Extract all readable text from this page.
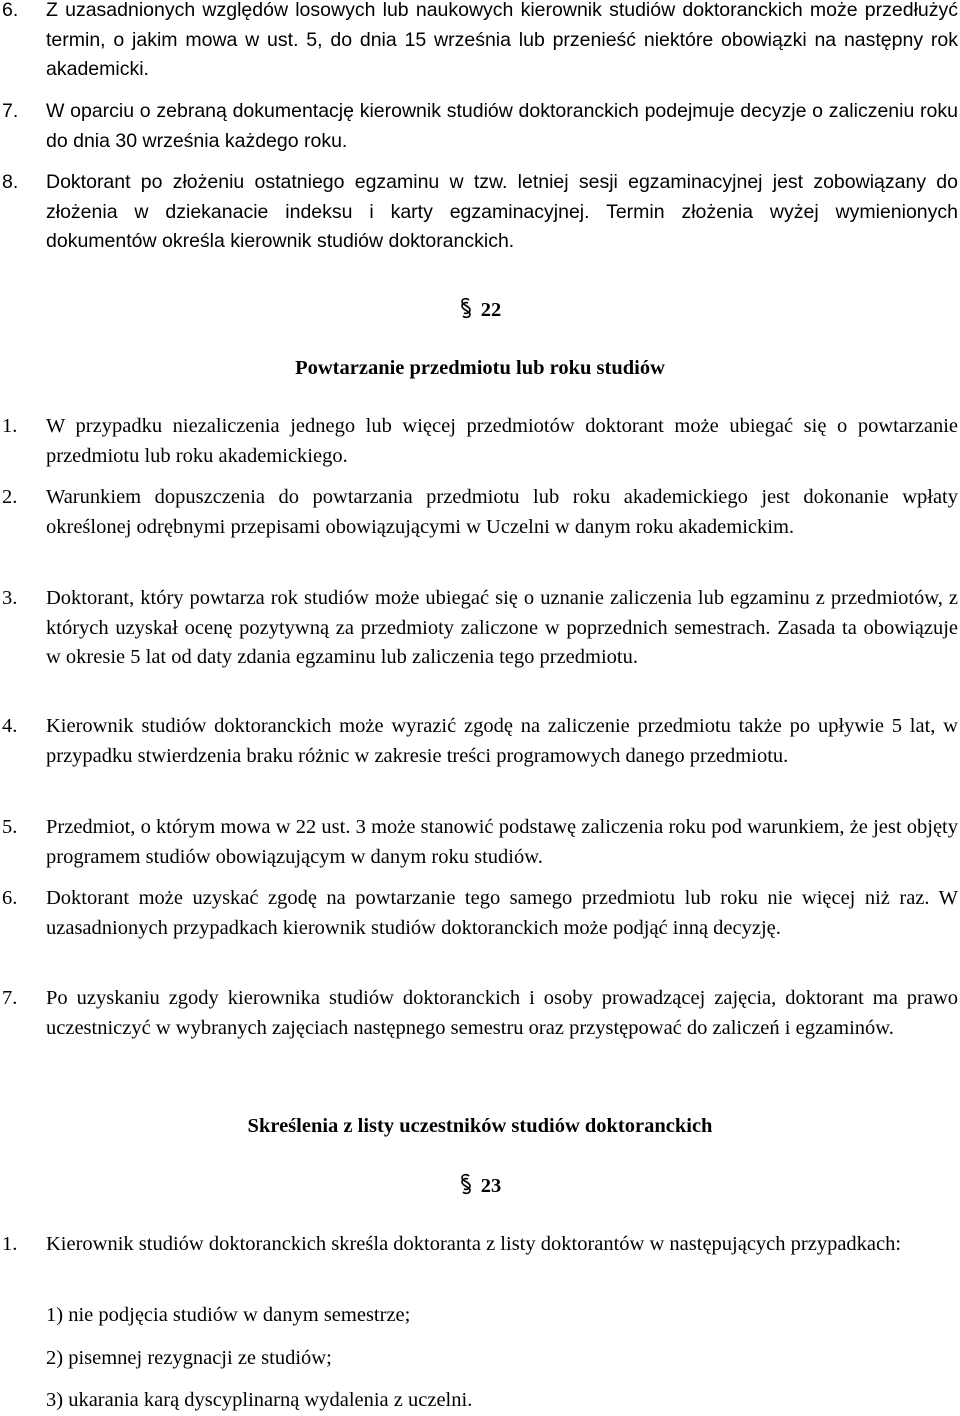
6. Z uzasadnionych względów losowych lub naukowych kierownik studiów doktoranckich może przedłużyć termin, o jakim mowa w ust. 5, do dnia 15 września lub przenieść niektóre obowiązki na następny rok akademicki.
7. W oparciu o zebraną dokumentację kierownik studiów doktoranckich podejmuje decyzje o zaliczeniu roku do dnia 30 września każdego roku.
8. Doktorant po złożeniu ostatniego egzaminu w tzw. letniej sesji egzaminacyjnej jest zobowiązany do złożenia w dziekanacie indeksu i karty egzaminacyjnej. Termin złożenia wyżej wymienionych dokumentów określa kierownik studiów doktoranckich.
22
Powtarzanie przedmiotu lub roku studiów
1. W przypadku niezaliczenia jednego lub więcej przedmiotów doktorant może ubiegać się o powtarzanie przedmiotu lub roku akademickiego.
2. Warunkiem dopuszczenia do powtarzania przedmiotu lub roku akademickiego jest dokonanie wpłaty określonej odrębnymi przepisami obowiązującymi w Uczelni w danym roku akademickim.
3. Doktorant, który powtarza rok studiów może ubiegać się o uznanie zaliczenia lub egzaminu z przedmiotów, z których uzyskał ocenę pozytywną za przedmioty zaliczone w poprzednich semestrach. Zasada ta obowiązuje w okresie 5 lat od daty zdania egzaminu lub zaliczenia tego przedmiotu.
4. Kierownik studiów doktoranckich może wyrazić zgodę na zaliczenie przedmiotu także po upływie 5 lat, w przypadku stwierdzenia braku różnic w zakresie treści programowych danego przedmiotu.
5. Przedmiot, o którym mowa w 22 ust. 3 może stanowić podstawę zaliczenia roku pod warunkiem, że jest objęty programem studiów obowiązującym w danym roku studiów.
6. Doktorant może uzyskać zgodę na powtarzanie tego samego przedmiotu lub roku nie więcej niż raz. W uzasadnionych przypadkach kierownik studiów doktoranckich może podjąć inną decyzję.
7. Po uzyskaniu zgody kierownika studiów doktoranckich i osoby prowadzącej zajęcia, doktorant ma prawo uczestniczyć w wybranych zajęciach następnego semestru oraz przystępować do zaliczeń i egzaminów.
Skreślenia z listy uczestników studiów doktoranckich
23
1. Kierownik studiów doktoranckich skreśla doktoranta z listy doktorantów w następujących przypadkach:
1) nie podjęcia studiów w danym semestrze;
2) pisemnej rezygnacji ze studiów;
3) ukarania karą dyscyplinarną wydalenia z uczelni.
